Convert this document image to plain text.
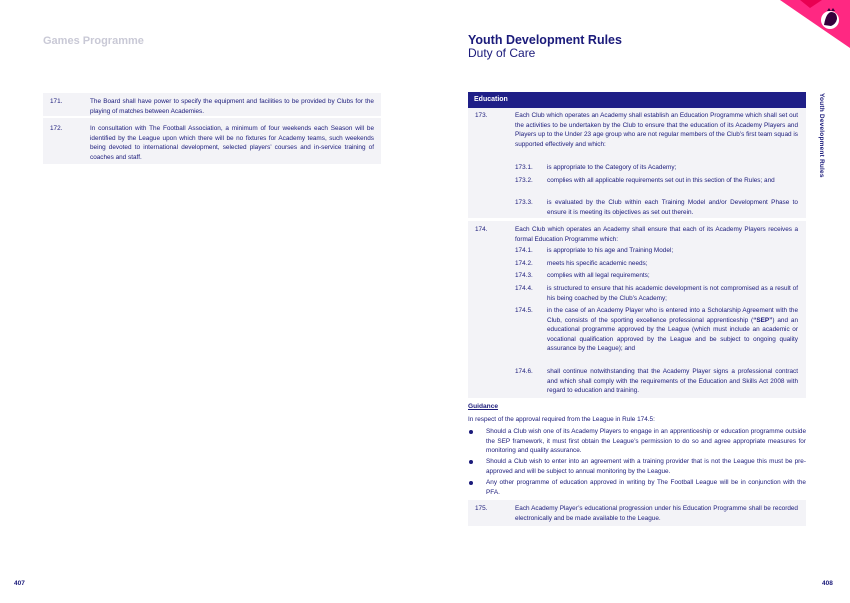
Games Programme	Youth Development Rules
Duty of Care
Youth Development Rules
407	408
171.	The Board shall have power to specify the equipment and facilities to be provided by Clubs for the playing of matches between Academies.
172.	In consultation with The Football Association, a minimum of four weekends each Season will be identified by the League upon which there will be no fixtures for Academy teams, such weekends being devoted to international development, selected players’ courses and in-service training of coaches and staff.
Education
173.	Each Club which operates an Academy shall establish an Education Programme which shall set out the activities to be undertaken by the Club to ensure that the education of its Academy Players and Players up to the Under 23 age group who are not regular members of the Club’s first team squad is supported effectively and which:
173.1. is appropriate to the Category of its Academy;
173.2. complies with all applicable requirements set out in this section of the Rules; and
173.3. is evaluated by the Club within each Training Model and/or Development Phase to ensure it is meeting its objectives as set out therein.
174.	Each Club which operates an Academy shall ensure that each of its Academy Players receives a formal Education Programme which:
174.1. is appropriate to his age and Training Model;
174.2. meets his specific academic needs;
174.3. complies with all legal requirements;
174.4. is structured to ensure that his academic development is not compromised as a result of his being coached by the Club’s Academy;
174.5. in the case of an Academy Player who is entered into a Scholarship Agreement with the Club, consists of the sporting excellence professional apprenticeship (“SEP”) and an educational programme approved by the League (which must include an academic or vocational qualification approved by the League and be subject to ongoing quality assurance by the League); and
174.6. shall continue notwithstanding that the Academy Player signs a professional contract and which shall comply with the requirements of the Education and Skills Act 2008 with regard to education and training.
Guidance
In respect of the approval required from the League in Rule 174.5:
Should a Club wish one of its Academy Players to engage in an apprenticeship or education programme outside the SEP framework, it must first obtain the League’s permission to do so and agree appropriate measures for monitoring and quality assurance.
Should a Club wish to enter into an agreement with a training provider that is not the League this must be pre-approved and will be subject to annual monitoring by the League.
Any other programme of education approved in writing by The Football League will be in conjunction with the PFA.
175.	Each Academy Player’s educational progression under his Education Programme shall be recorded electronically and be made available to the League.
